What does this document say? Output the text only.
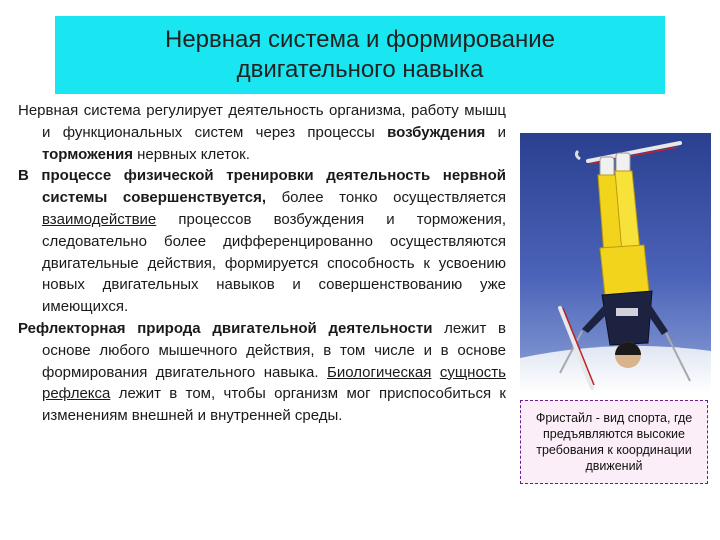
Нервная система и формирование
двигательного навыка

Нервная система регулирует деятельность организма, работу мышц и функциональных систем через процессы возбуждения и торможения нервных клеток.

В процессе физической тренировки деятельность нервной системы совершенствуется, более тонко осуществляется взаимодействие процессов возбуждения и торможения, следовательно более дифференцированно осуществляются двигательные действия, формируется способность к усвоению новых двигательных навыков и совершенствованию уже имеющихся.

Рефлекторная природа двигательной деятельности лежит в основе любого мышечного действия, в том числе и в основе формирования двигательного навыка. Биологическая сущность рефлекса лежит в том, чтобы организм мог приспособиться к изменениям внешней и внутренней среды.	Фристайл - вид спорта, где предъявляются высокие требования к координации движений
